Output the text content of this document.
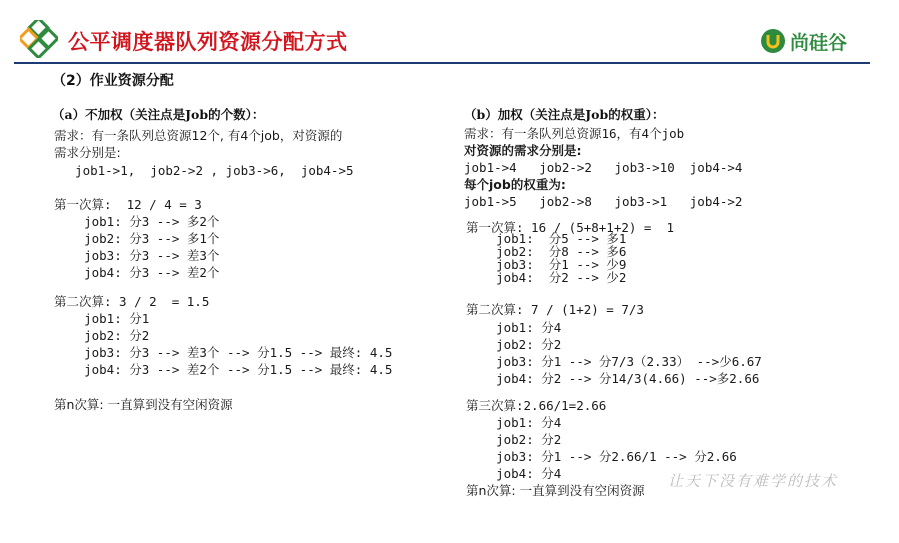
公平调度器队列资源分配方式	尚硅谷
（2）作业资源分配
（a）不加权（关注点是Job的个数）：
需求：有一条队列总资源12个, 有4个job，对资源的
需求分别是:
job1->1,  job2->2 , job3->6,  job4->5
第一次算:  12 / 4 = 3
job1: 分3 --> 多2个
job2: 分3 --> 多1个
job3: 分3 --> 差3个
job4: 分3 --> 差2个
第二次算: 3 / 2  = 1.5
job1: 分1
job2: 分2
job3: 分3 --> 差3个 --> 分1.5 --> 最终: 4.5
job4: 分3 --> 差2个 --> 分1.5 --> 最终: 4.5
第n次算: 一直算到没有空闲资源
（b）加权（关注点是Job的权重）：
需求：有一条队列总资源16，有4个job
对资源的需求分别是:
job1->4   job2->2   job3->10  job4->4
每个job的权重为:
job1->5   job2->8   job3->1   job4->2
第一次算: 16 / (5+8+1+2) =  1
job1:  分5 --> 多1
job2:  分8 --> 多6
job3:  分1 --> 少9
job4:  分2 --> 少2
第二次算: 7 / (1+2) = 7/3
job1: 分4
job2: 分2
job3: 分1 --> 分7/3（2.33） -->少6.67
job4: 分2 --> 分14/3(4.66) -->多2.66
第三次算:2.66/1=2.66
job1: 分4
job2: 分2
job3: 分1 --> 分2.66/1 --> 分2.66
job4: 分4
第n次算: 一直算到没有空闲资源
让天下没有难学的技术
